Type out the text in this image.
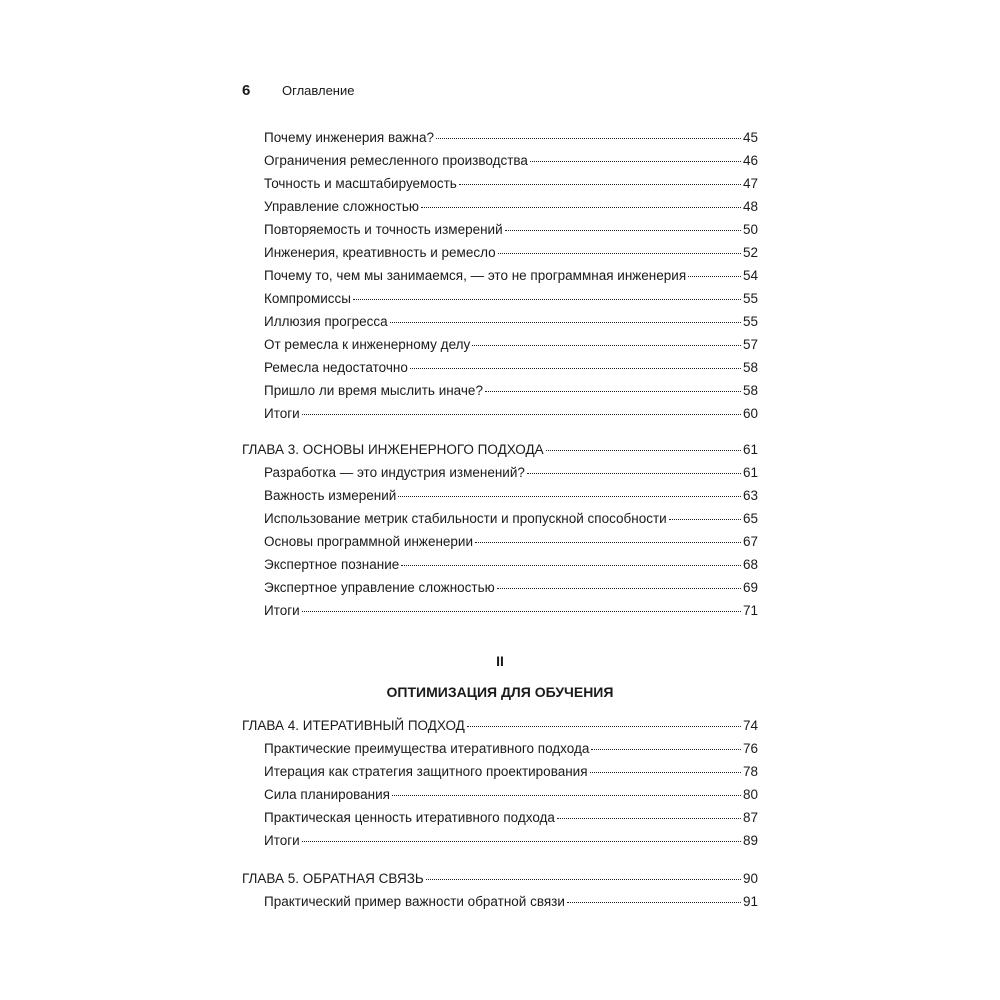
6	Оглавление
Почему инженерия важна?	45
Ограничения ремесленного производства	46
Точность и масштабируемость	47
Управление сложностью	48
Повторяемость и точность измерений	50
Инженерия, креативность и ремесло	52
Почему то, чем мы занимаемся, — это не программная инженерия	54
Компромиссы	55
Иллюзия прогресса	55
От ремесла к инженерному делу	57
Ремесла недостаточно	58
Пришло ли время мыслить иначе?	58
Итоги	60
ГЛАВА 3. ОСНОВЫ ИНЖЕНЕРНОГО ПОДХОДА	61
Разработка — это индустрия изменений?	61
Важность измерений	63
Использование метрик стабильности и пропускной способности	65
Основы программной инженерии	67
Экспертное познание	68
Экспертное управление сложностью	69
Итоги	71
II
ОПТИМИЗАЦИЯ ДЛЯ ОБУЧЕНИЯ
ГЛАВА 4. ИТЕРАТИВНЫЙ ПОДХОД	74
Практические преимущества итеративного подхода	76
Итерация как стратегия защитного проектирования	78
Сила планирования	80
Практическая ценность итеративного подхода	87
Итоги	89
ГЛАВА 5. ОБРАТНАЯ СВЯЗЬ	90
Практический пример важности обратной связи	91
